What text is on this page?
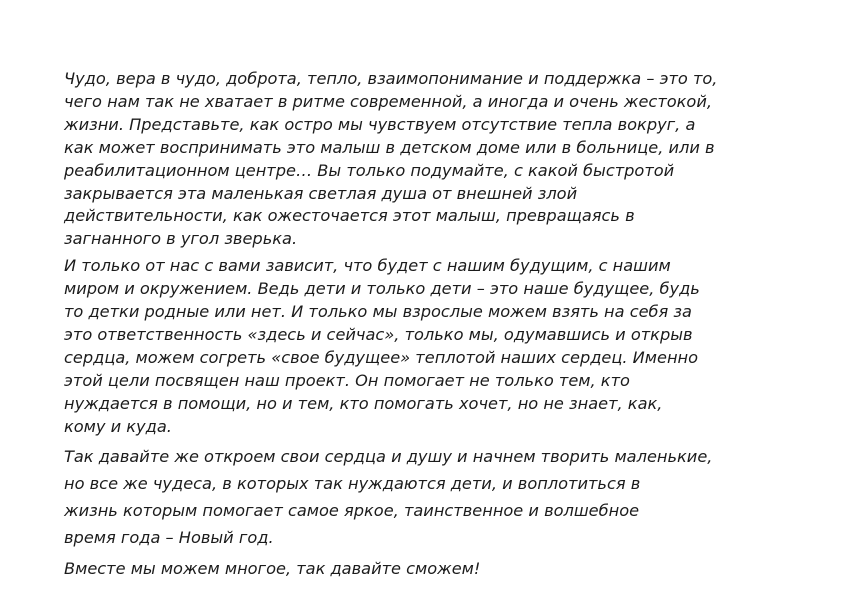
Чудо, вера в чудо, доброта, тепло, взаимопонимание и поддержка – это то,
чего нам так не хватает в ритме современной, а иногда и очень жестокой,
жизни. Представьте, как остро мы чувствуем отсутствие тепла вокруг, а
как может воспринимать это малыш в детском доме или в больнице, или в
реабилитационном центре… Вы только подумайте, с какой быстротой
закрывается эта маленькая светлая душа от внешней злой
действительности, как ожесточается этот малыш, превращаясь в
загнанного в угол зверька.

И только от нас с вами зависит, что будет с нашим будущим, с нашим
миром и окружением. Ведь дети и только дети – это наше будущее, будь
то детки родные или нет. И только мы взрослые можем взять на себя за
это ответственность «здесь и сейчас», только мы, одумавшись и открыв
сердца, можем согреть «свое будущее» теплотой наших сердец. Именно
этой цели посвящен наш проект. Он помогает не только тем, кто
нуждается в помощи, но и тем, кто помогать хочет, но не знает, как,
кому и куда.

Так давайте же откроем свои сердца и душу и начнем творить маленькие,
но все же чудеса, в которых так нуждаются дети, и воплотиться в
жизнь которым помогает самое яркое, таинственное и волшебное
время года – Новый год.

Вместе мы можем многое, так давайте сможем!
